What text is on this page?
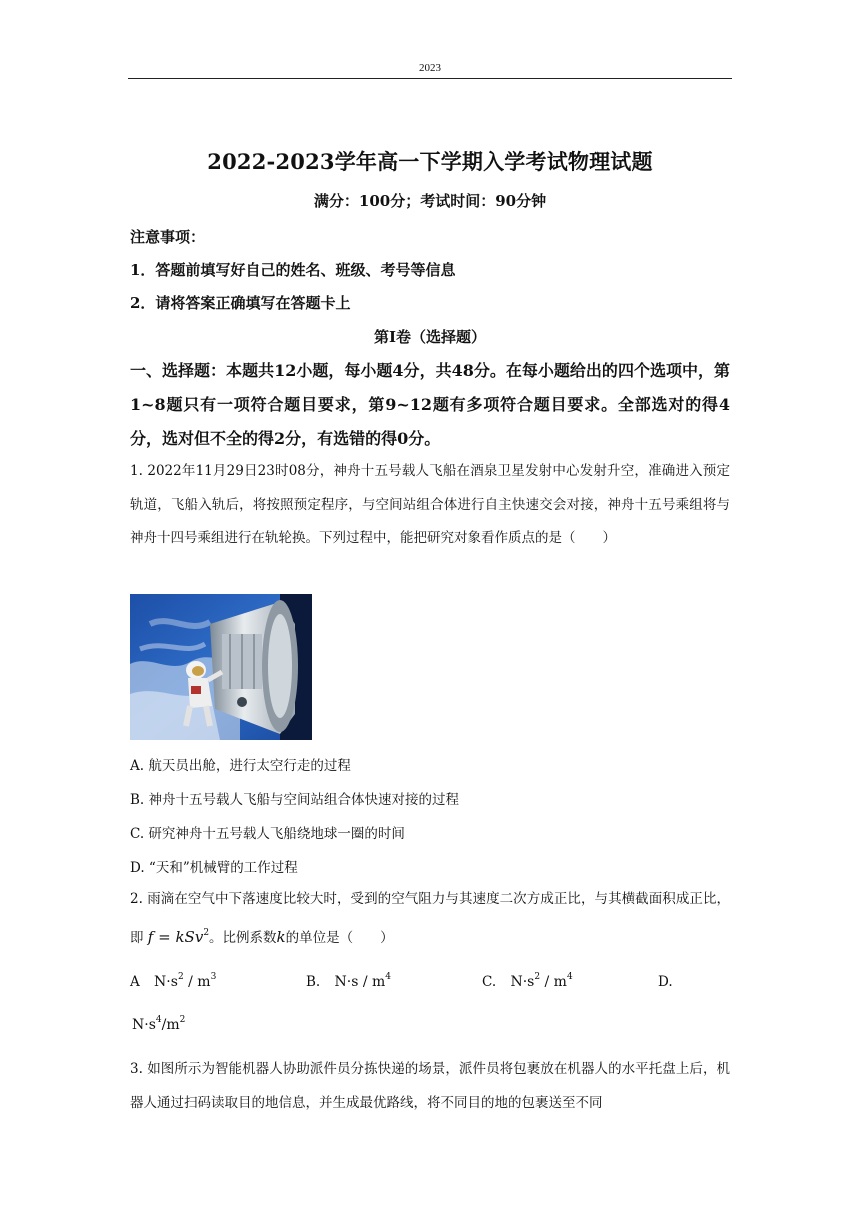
2023
2022-2023学年高一下学期入学考试物理试题
满分：100分；考试时间：90分钟
注意事项：
1．答题前填写好自己的姓名、班级、考号等信息
2．请将答案正确填写在答题卡上
第I卷（选择题）
一、选择题：本题共12小题，每小题4分，共48分。在每小题给出的四个选项中，第1~8题只有一项符合题目要求，第9~12题有多项符合题目要求。全部选对的得4分，选对但不全的得2分，有选错的得0分。
1. 2022年11月29日23时08分，神舟十五号载人飞船在酒泉卫星发射中心发射升空，准确进入预定轨道，飞船入轨后，将按照预定程序，与空间站组合体进行自主快速交会对接，神舟十五号乘组将与神舟十四号乘组进行在轨轮换。下列过程中，能把研究对象看作质点的是（　　）
A. 航天员出舱，进行太空行走的过程
B. 神舟十五号载人飞船与空间站组合体快速对接的过程
C. 研究神舟十五号载人飞船绕地球一圈的时间
D. “天和”机械臂的工作过程
2. 雨滴在空气中下落速度比较大时，受到的空气阻力与其速度二次方成正比，与其横截面积成正比，即 f = kSv$^2$。比例系数k的单位是（　　）
A $N\cdot s^2 / m^3$	B. $N\cdot s / m^4$	C. $N\cdot s^2 / m^4$	D.
$N\cdot s^4/m^2$
3. 如图所示为智能机器人协助派件员分拣快递的场景，派件员将包裹放在机器人的水平托盘上后，机器人通过扫码读取目的地信息，并生成最优路线，将不同目的地的包裹送至不同
